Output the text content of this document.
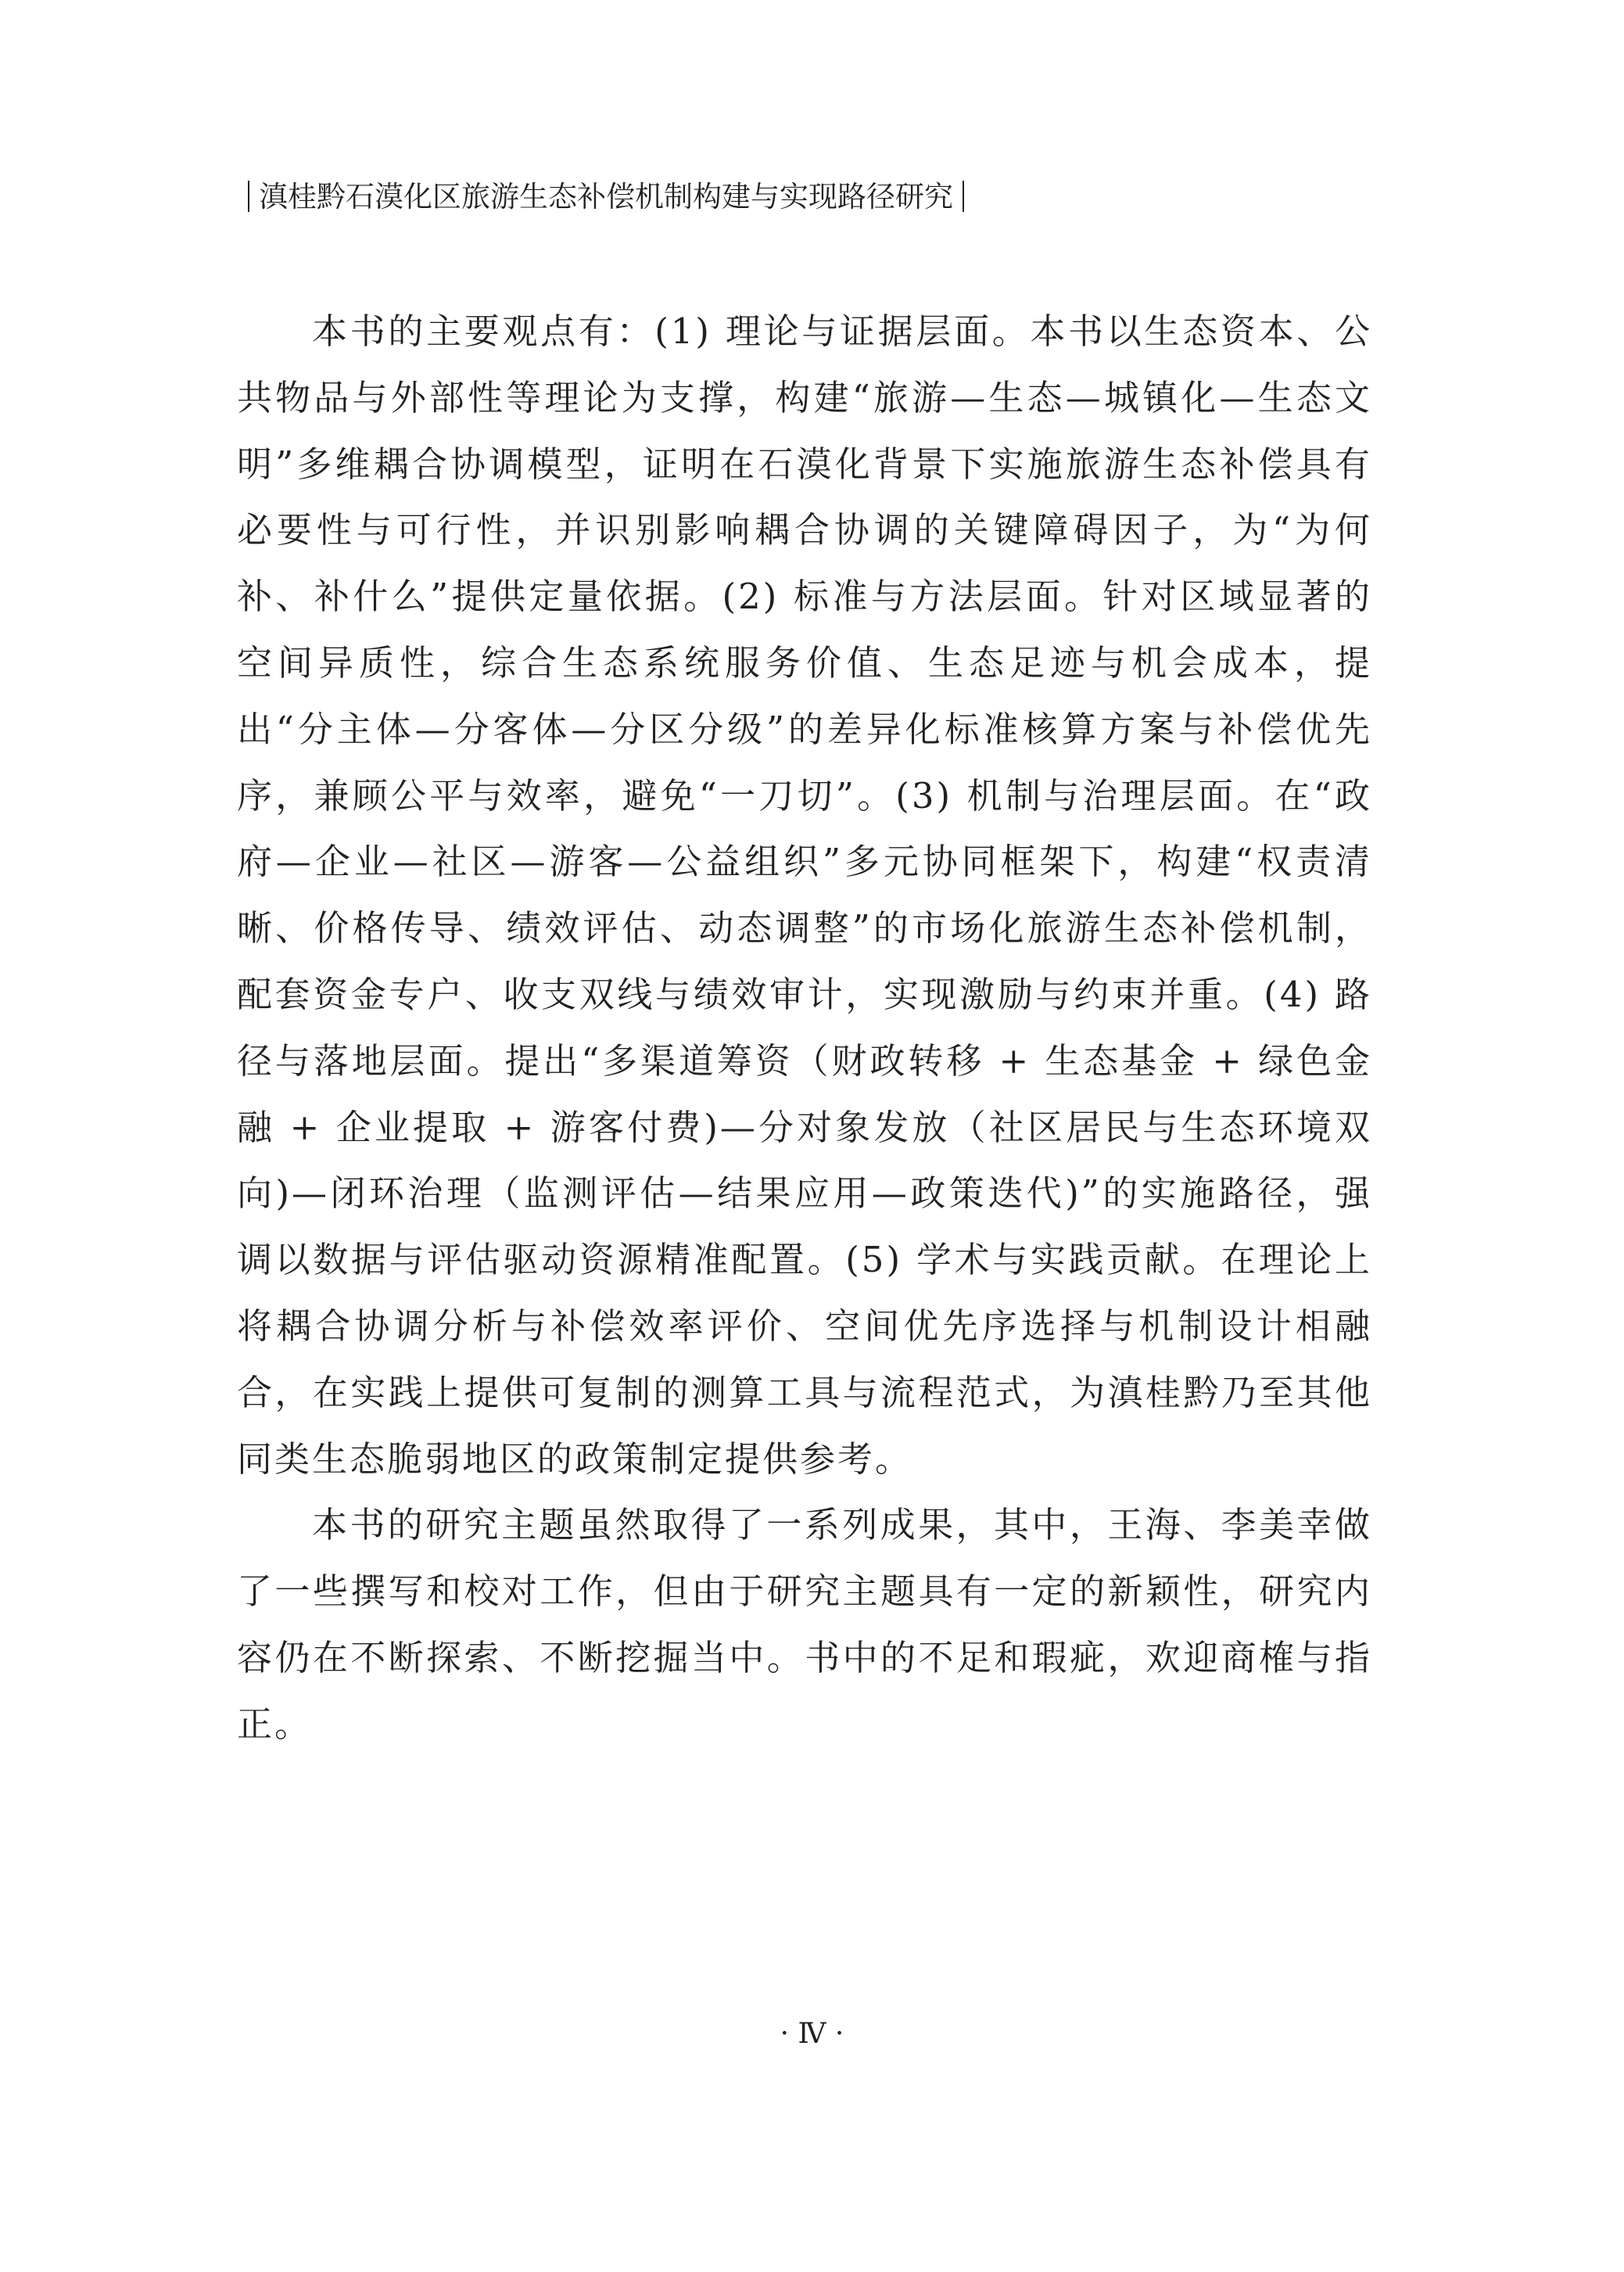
滇桂黔石漠化区旅游生态补偿机制构建与实现路径研究

本书的主要观点有：(1) 理论与证据层面。本书以生态资本、公共物品与外部性等理论为支撑，构建“旅游—生态—城镇化—生态文明”多维耦合协调模型，证明在石漠化背景下实施旅游生态补偿具有必要性与可行性，并识别影响耦合协调的关键障碍因子，为“为何补、补什么”提供定量依据。(2) 标准与方法层面。针对区域显著的空间异质性，综合生态系统服务价值、生态足迹与机会成本，提出“分主体—分客体—分区分级”的差异化标准核算方案与补偿优先序，兼顾公平与效率，避免“一刀切”。(3) 机制与治理层面。在“政府—企业—社区—游客—公益组织”多元协同框架下，构建“权责清晰、价格传导、绩效评估、动态调整”的市场化旅游生态补偿机制，配套资金专户、收支双线与绩效审计，实现激励与约束并重。(4) 路径与落地层面。提出“多渠道筹资（财政转移 + 生态基金 + 绿色金融 + 企业提取 + 游客付费)—分对象发放（社区居民与生态环境双向)—闭环治理（监测评估—结果应用—政策迭代)”的实施路径，强调以数据与评估驱动资源精准配置。(5) 学术与实践贡献。在理论上将耦合协调分析与补偿效率评价、空间优先序选择与机制设计相融合，在实践上提供可复制的测算工具与流程范式，为滇桂黔乃至其他同类生态脆弱地区的政策制定提供参考。

本书的研究主题虽然取得了一系列成果，其中，王海、李美幸做了一些撰写和校对工作，但由于研究主题具有一定的新颖性，研究内容仍在不断探索、不断挖掘当中。书中的不足和瑕疵，欢迎商榷与指正。

· Ⅳ ·
